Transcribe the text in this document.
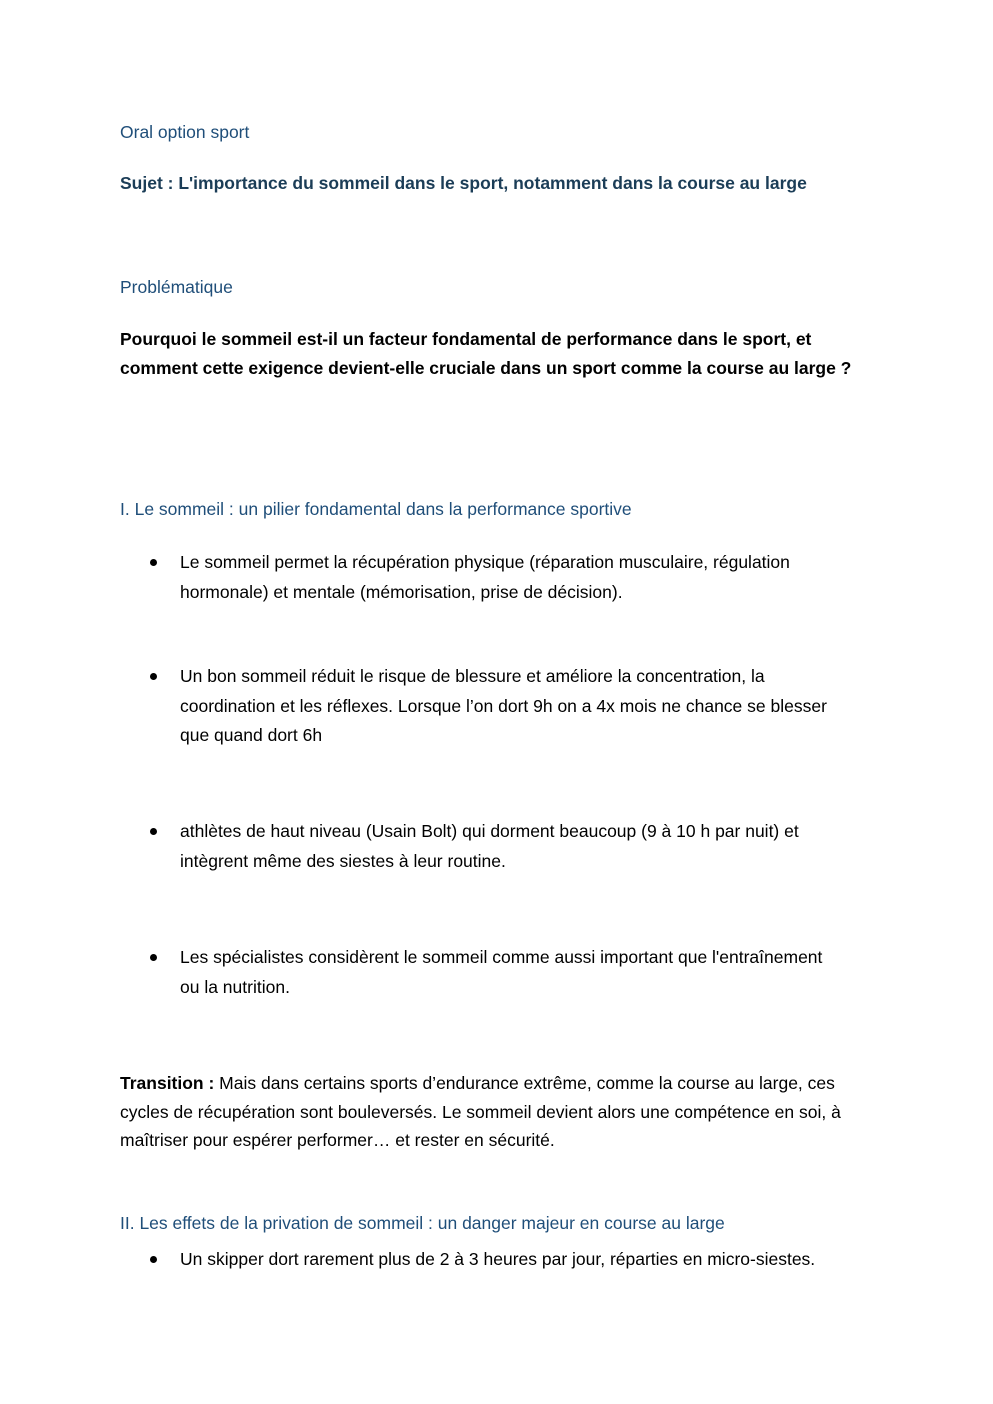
Oral option sport
Sujet : L'importance du sommeil dans le sport, notamment dans la course au large
Problématique

Pourquoi le sommeil est-il un facteur fondamental de performance dans le sport, et

comment cette exigence devient-elle cruciale dans un sport comme la course au large ?

I. Le sommeil : un pilier fondamental dans la performance sportive

Le sommeil permet la récupération physique (réparation musculaire, régulation

hormonale) et mentale (mémorisation, prise de décision).

Un bon sommeil réduit le risque de blessure et améliore la concentration, la

coordination et les réflexes. Lorsque l’on dort 9h on a 4x mois ne chance se blesser

que quand dort 6h

athlètes de haut niveau (Usain Bolt) qui dorment beaucoup (9 à 10 h par nuit) et

intègrent même des siestes à leur routine.

Les spécialistes considèrent le sommeil comme aussi important que l'entraînement

ou la nutrition.

Transition : Mais dans certains sports d’endurance extrême, comme la course au large, ces

cycles de récupération sont bouleversés. Le sommeil devient alors une compétence en soi, à

maîtriser pour espérer performer… et rester en sécurité.

II. Les effets de la privation de sommeil : un danger majeur en course au large

Un skipper dort rarement plus de 2 à 3 heures par jour, réparties en micro-siestes.
